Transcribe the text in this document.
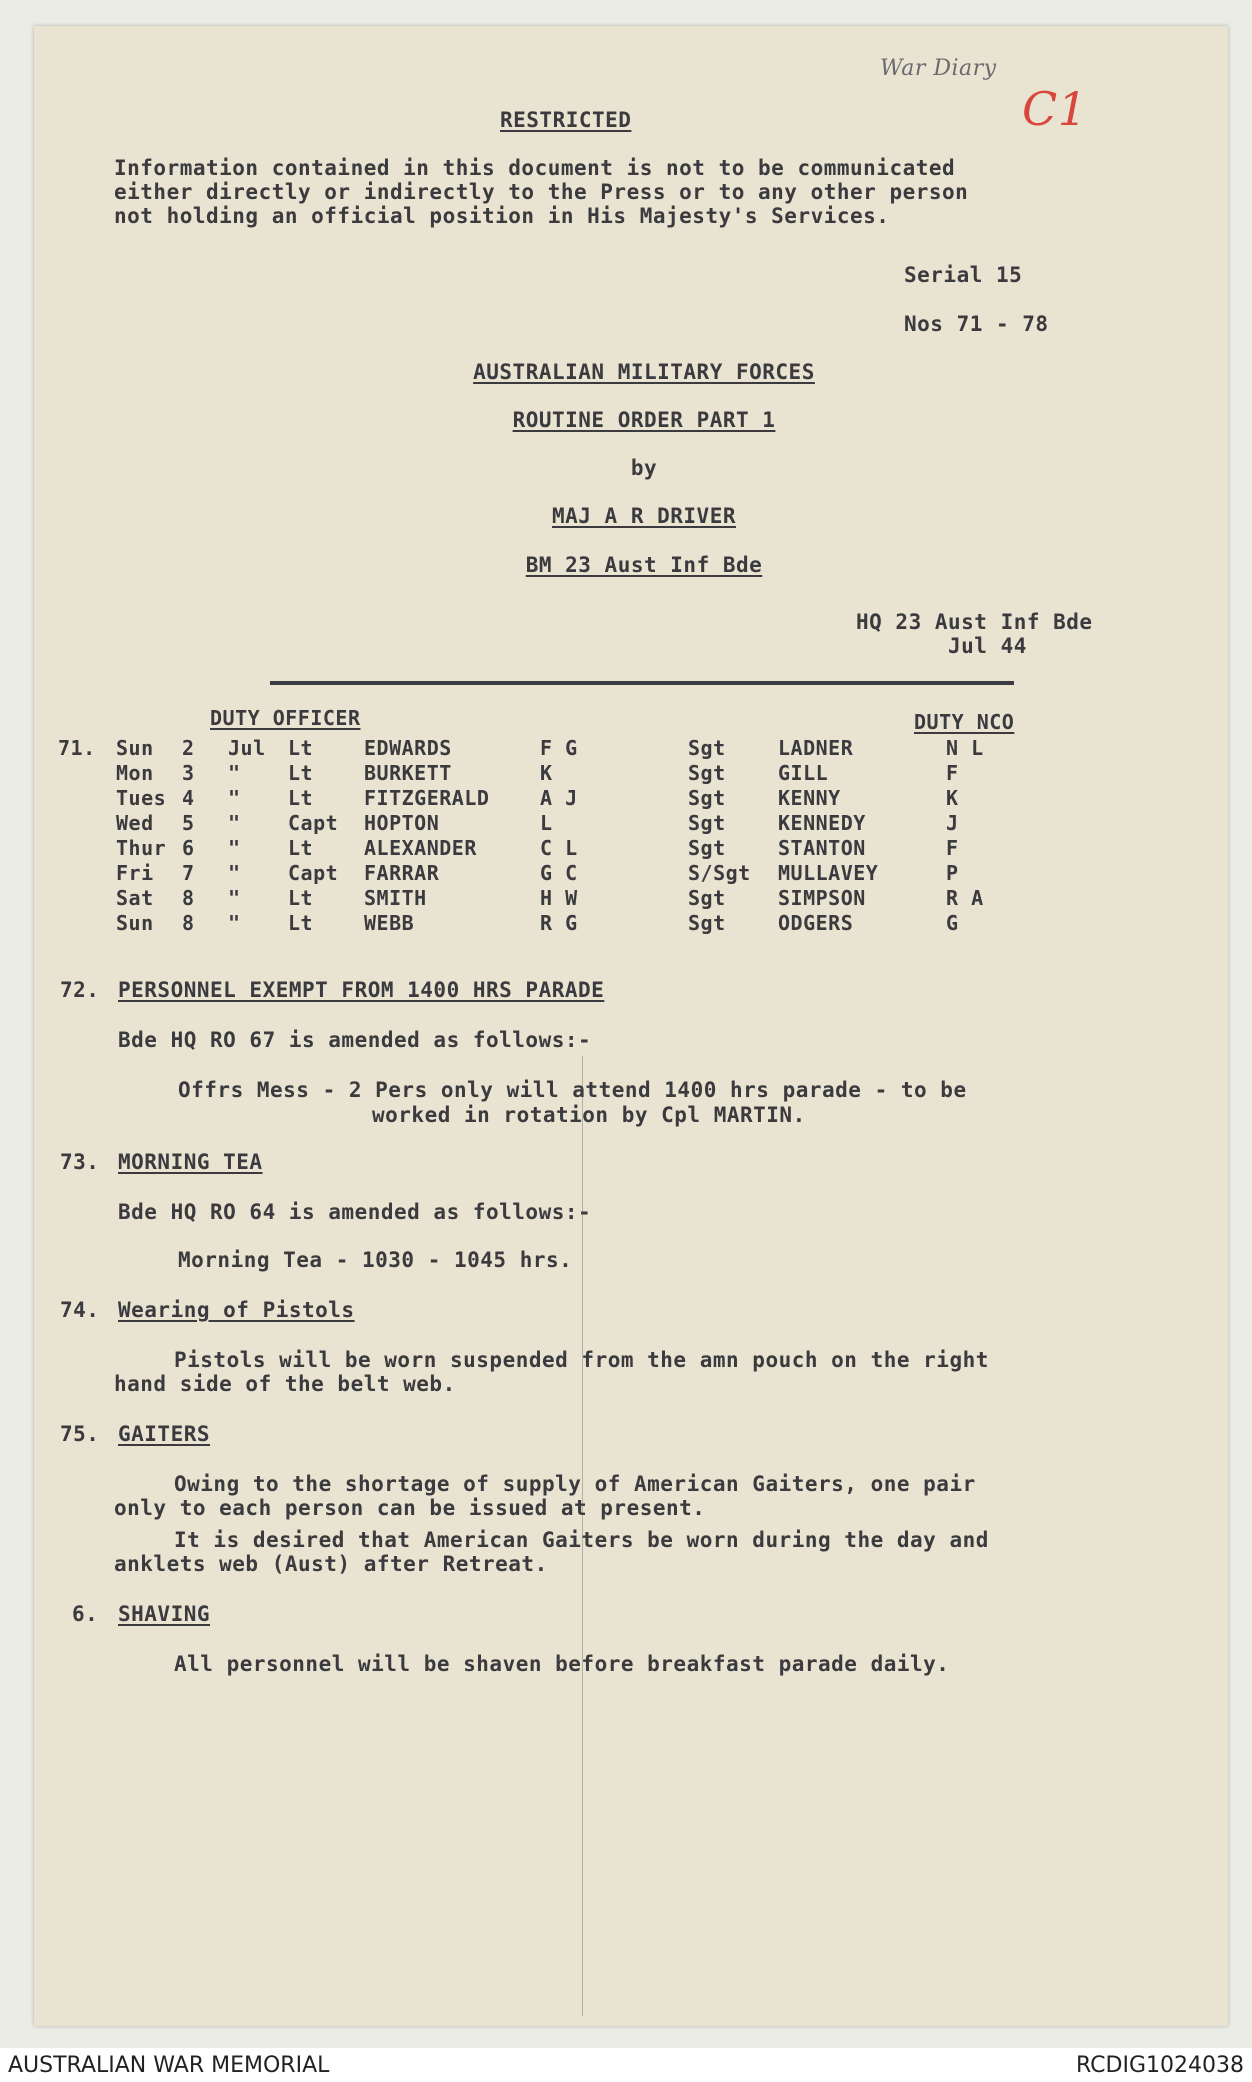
War Diary
C1
RESTRICTED
Information contained in this document is not to be communicated
either directly or indirectly to the Press or to any other person
not holding an official position in His Majesty's Services.
Serial 15
Nos 71 - 78
AUSTRALIAN MILITARY FORCES
ROUTINE ORDER PART 1
by
MAJ A R DRIVER
BM 23 Aust Inf Bde
HQ 23 Aust Inf Bde
Jul 44
DUTY OFFICER	DUTY NCO
71.	Sun	2	Jul	Lt	EDWARDS	F G	Sgt	LADNER	N L
	Mon	3	"	Lt	BURKETT	K	Sgt	GILL	F
	Tues	4	"	Lt	FITZGERALD	A J	Sgt	KENNY	K
	Wed	5	"	Capt	HOPTON	L	Sgt	KENNEDY	J
	Thur	6	"	Lt	ALEXANDER	C L	Sgt	STANTON	F
	Fri	7	"	Capt	FARRAR	G C	S/Sgt	MULLAVEY	P
	Sat	8	"	Lt	SMITH	H W	Sgt	SIMPSON	R A
	Sun	8	"	Lt	WEBB	R G	Sgt	ODGERS	G
72. PERSONNEL EXEMPT FROM 1400 HRS PARADE
Bde HQ RO 67 is amended as follows:-
Offrs Mess - 2 Pers only will attend 1400 hrs parade - to be
worked in rotation by Cpl MARTIN.
73. MORNING TEA
Bde HQ RO 64 is amended as follows:-
Morning Tea - 1030 - 1045 hrs.
74. Wearing of Pistols
Pistols will be worn suspended from the amn pouch on the right
hand side of the belt web.
75. GAITERS
Owing to the shortage of supply of American Gaiters, one pair
only to each person can be issued at present.
It is desired that American Gaiters be worn during the day and
anklets web (Aust) after Retreat.
6. SHAVING
All personnel will be shaven before breakfast parade daily.
AUSTRALIAN WAR MEMORIAL	RCDIG1024038
